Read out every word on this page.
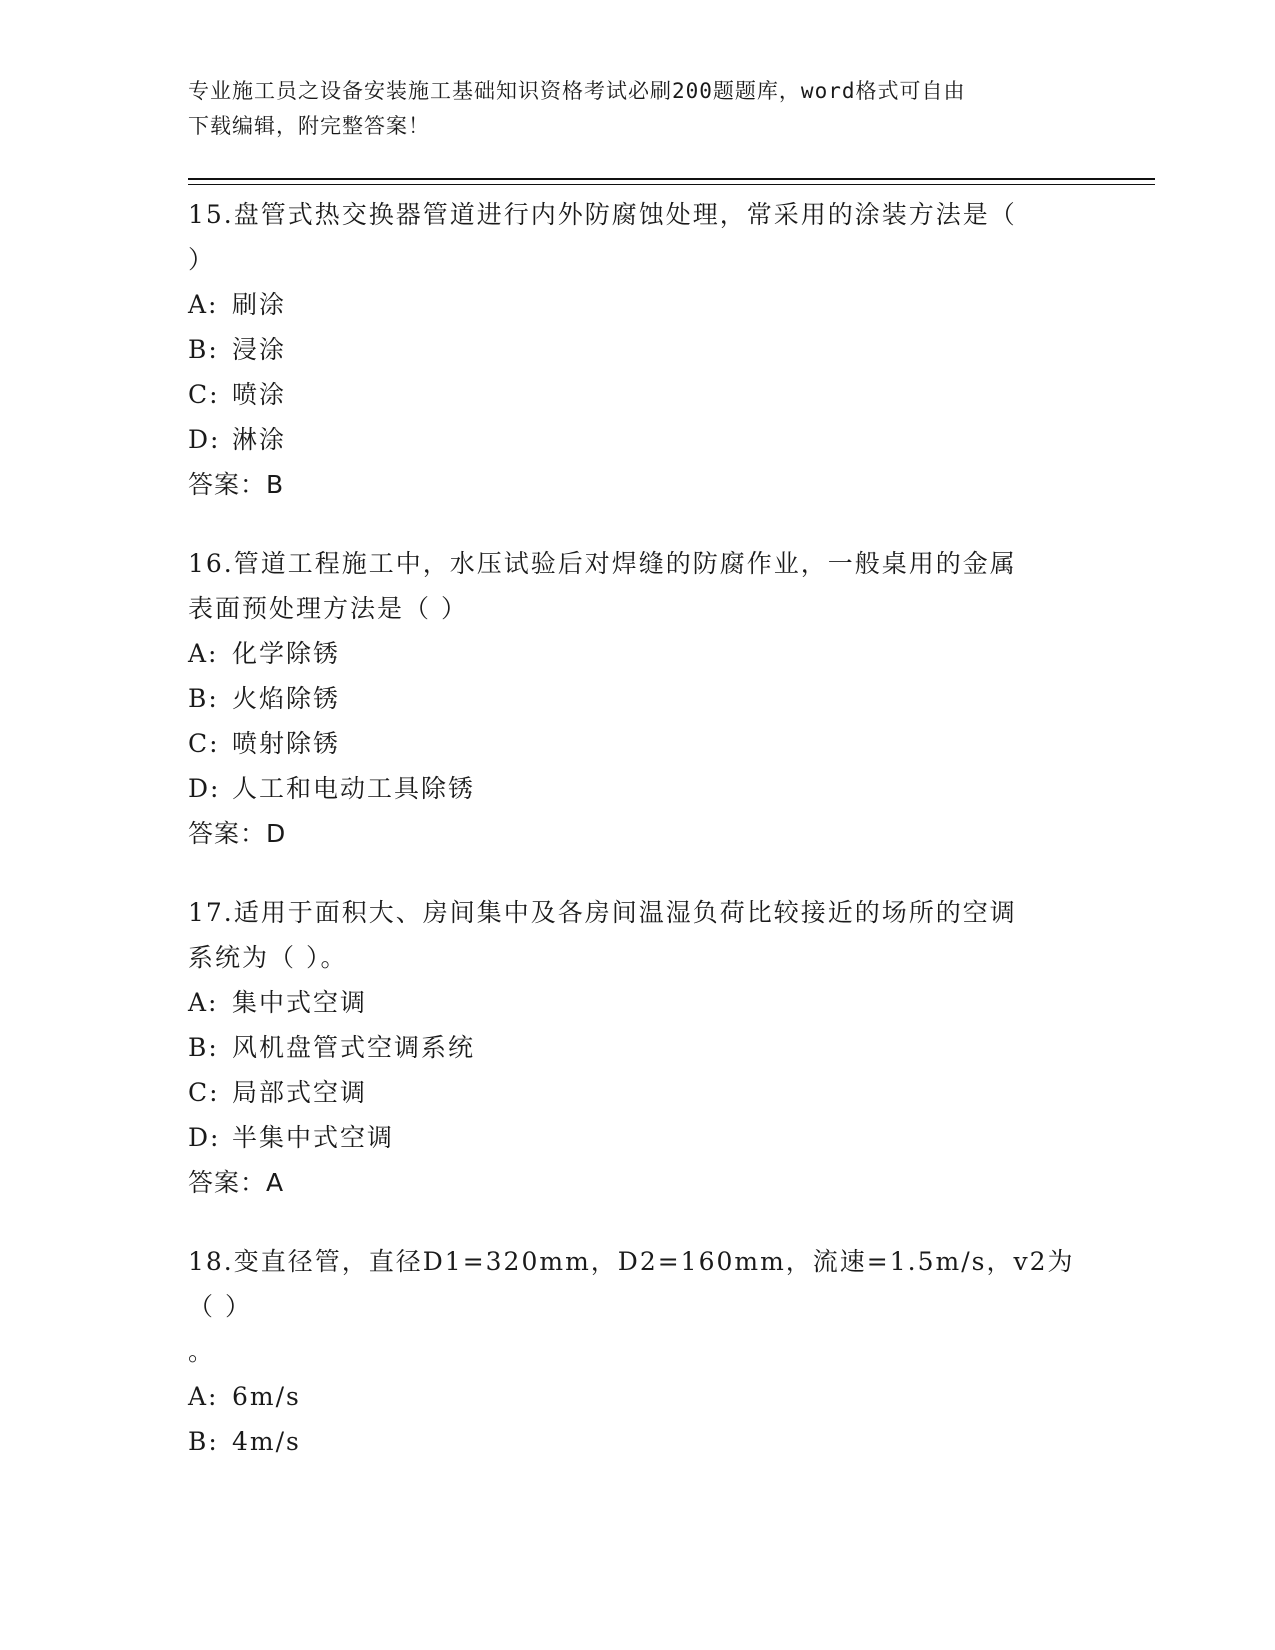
专业施工员之设备安装施工基础知识资格考试必刷200题题库，word格式可自由
下载编辑，附完整答案！

15.盘管式热交换器管道进行内外防腐蚀处理，常采用的涂装方法是（
）

A: 刷涂

B: 浸涂

C: 喷涂

D: 淋涂

答案：B

16.管道工程施工中，水压试验后对焊缝的防腐作业，一般桌用的金属
表面预处理方法是（ ）

A: 化学除锈

B: 火焰除锈

C: 喷射除锈

D: 人工和电动工具除锈

答案：D

17.适用于面积大、房间集中及各房间温湿负荷比较接近的场所的空调
系统为（ ）。

A: 集中式空调

B: 风机盘管式空调系统

C: 局部式空调

D: 半集中式空调

答案：A

18.变直径管，直径D1=320mm，D2=160mm，流速=1.5m/s，v2为（ ）
。

A: 6m/s

B: 4m/s
